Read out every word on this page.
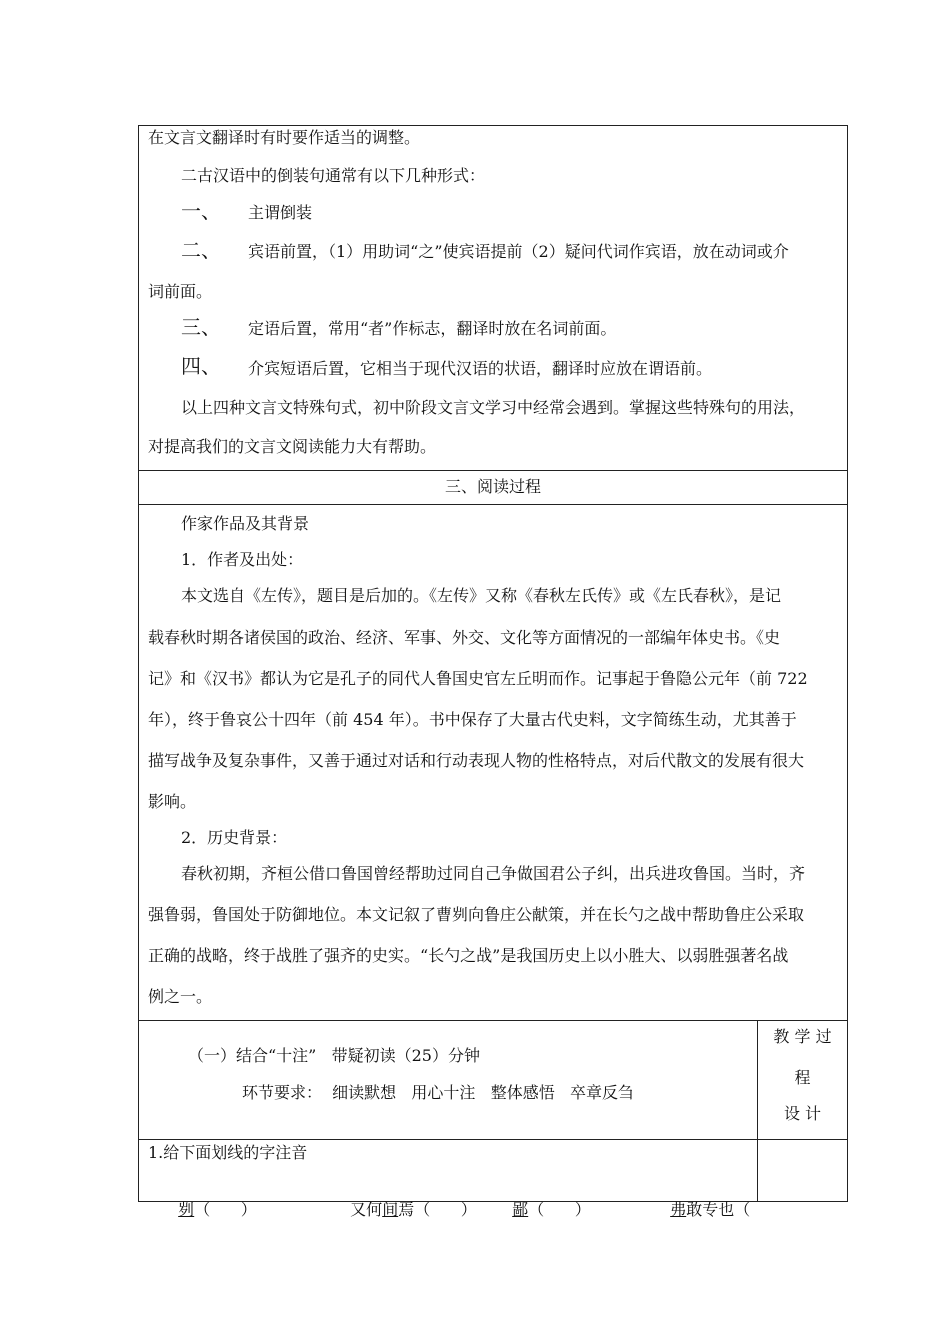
在文言文翻译时有时要作适当的调整。
二古汉语中的倒装句通常有以下几种形式：
一、 主谓倒装
二、 宾语前置，（1）用助词“之”使宾语提前（2）疑问代词作宾语，放在动词或介
词前面。
三、 定语后置，常用“者”作标志，翻译时放在名词前面。
四、 介宾短语后置，它相当于现代汉语的状语，翻译时应放在谓语前。
以上四种文言文特殊句式，初中阶段文言文学习中经常会遇到。掌握这些特殊句的用法，
对提高我们的文言文阅读能力大有帮助。
三、阅读过程
作家作品及其背景
1．作者及出处：
本文选自《左传》，题目是后加的。《左传》又称《春秋左氏传》或《左氏春秋》，是记
载春秋时期各诸侯国的政治、经济、军事、外交、文化等方面情况的一部编年体史书。《史
记》和《汉书》都认为它是孔子的同代人鲁国史官左丘明而作。记事起于鲁隐公元年（前 722
年），终于鲁哀公十四年（前 454 年）。书中保存了大量古代史料，文字简练生动，尤其善于
描写战争及复杂事件，又善于通过对话和行动表现人物的性格特点，对后代散文的发展有很大
影响。
2．历史背景：
春秋初期，齐桓公借口鲁国曾经帮助过同自己争做国君公子纠，出兵进攻鲁国。当时，齐
强鲁弱，鲁国处于防御地位。本文记叙了曹刿向鲁庄公献策，并在长勺之战中帮助鲁庄公采取
正确的战略，终于战胜了强齐的史实。“长勺之战”是我国历史上以小胜大、以弱胜强著名战
例之一。
（一）结合“十注”   带疑初读（25）分钟
环节要求：  细读默想   用心十注   整体感悟   卒章反刍
教 学 过
程
设 计
1.给下面划线的字注音

刿（      ）	又何间焉（      ）	鄙（      ）	弗敢专也（
